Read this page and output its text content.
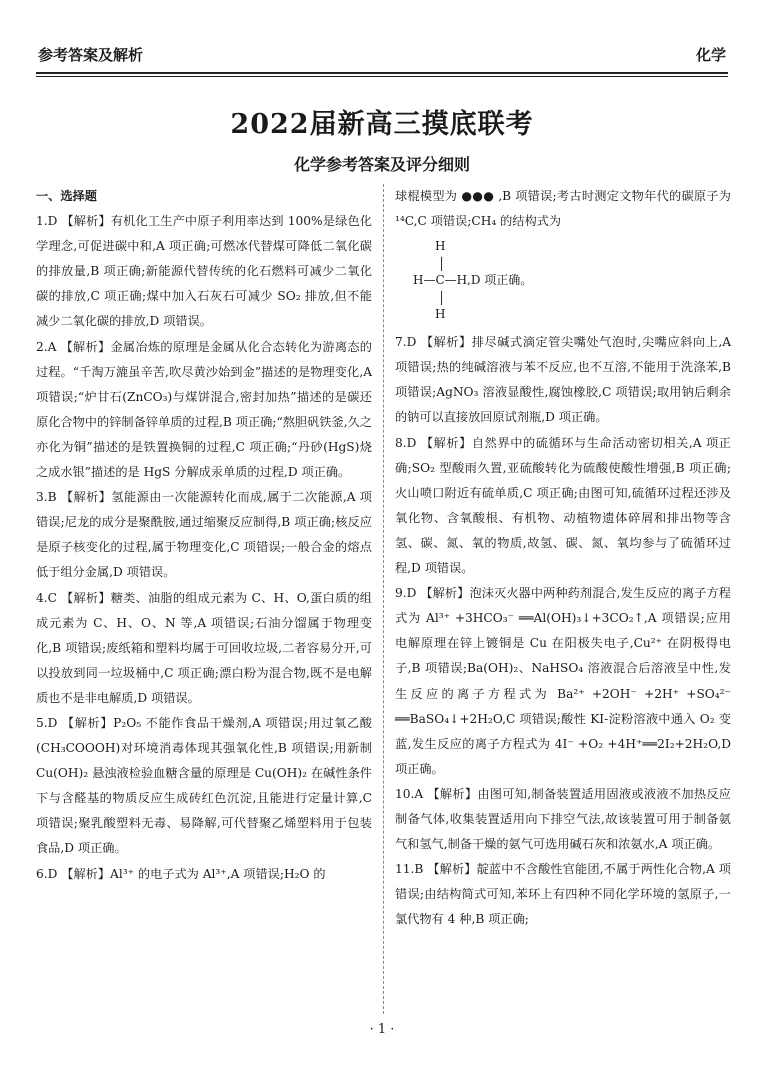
参考答案及解析	化学
2022届新高三摸底联考
化学参考答案及评分细则
一、选择题
1.D 【解析】有机化工生产中原子利用率达到 100%是绿色化学理念,可促进碳中和,A 项正确;可燃冰代替煤可降低二氧化碳的排放量,B 项正确;新能源代替传统的化石燃料可减少二氧化碳的排放,C 项正确;煤中加入石灰石可减少 SO₂ 排放,但不能减少二氧化碳的排放,D 项错误。
2.A 【解析】金属冶炼的原理是金属从化合态转化为游离态的过程。“千淘万漉虽辛苦,吹尽黄沙始到金”描述的是物理变化,A 项错误;“炉甘石(ZnCO₃)与煤饼混合,密封加热”描述的是碳还原化合物中的锌制备锌单质的过程,B 项正确;“熬胆矾铁釜,久之亦化为铜”描述的是铁置换铜的过程,C 项正确;“丹砂(HgS)烧之成水银”描述的是 HgS 分解成汞单质的过程,D 项正确。
3.B 【解析】氢能源由一次能源转化而成,属于二次能源,A 项错误;尼龙的成分是聚酰胺,通过缩聚反应制得,B 项正确;核反应是原子核变化的过程,属于物理变化,C 项错误;一般合金的熔点低于组分金属,D 项错误。
4.C 【解析】糖类、油脂的组成元素为 C、H、O,蛋白质的组成元素为 C、H、O、N 等,A 项错误;石油分馏属于物理变化,B 项错误;废纸箱和塑料均属于可回收垃圾,二者容易分开,可以投放到同一垃圾桶中,C 项正确;漂白粉为混合物,既不是电解质也不是非电解质,D 项错误。
5.D 【解析】P₂O₅ 不能作食品干燥剂,A 项错误;用过氧乙酸(CH₃COOOH)对环境消毒体现其强氧化性,B 项错误;用新制 Cu(OH)₂ 悬浊液检验血糖含量的原理是 Cu(OH)₂ 在碱性条件下与含醛基的物质反应生成砖红色沉淀,且能进行定量计算,C 项错误;聚乳酸塑料无毒、易降解,可代替聚乙烯塑料用于包装食品,D 项正确。
6.D 【解析】Al³⁺ 的电子式为 Al³⁺,A 项错误;H₂O 的
球棍模型为 ●●● ,B 项错误;考古时测定文物年代的碳原子为¹⁴C,C 项错误;CH₄ 的结构式为
H
│
H—C—H ,D 项正确。
│
H
7.D 【解析】排尽碱式滴定管尖嘴处气泡时,尖嘴应斜向上,A 项错误;热的纯碱溶液与苯不反应,也不互溶,不能用于洗涤苯,B 项错误;AgNO₃ 溶液显酸性,腐蚀橡胶,C 项错误;取用钠后剩余的钠可以直接放回原试剂瓶,D 项正确。
8.D 【解析】自然界中的硫循环与生命活动密切相关,A 项正确;SO₂ 型酸雨久置,亚硫酸转化为硫酸使酸性增强,B 项正确;火山喷口附近有硫单质,C 项正确;由图可知,硫循环过程还涉及氧化物、含氧酸根、有机物、动植物遗体碎屑和排出物等含氢、碳、氮、氧的物质,故氢、碳、氮、氧均参与了硫循环过程,D 项错误。
9.D 【解析】泡沫灭火器中两种药剂混合,发生反应的离子方程式为 Al³⁺ +3HCO₃⁻ ══Al(OH)₃↓+3CO₂↑,A 项错误;应用电解原理在锌上镀铜是 Cu 在阳极失电子,Cu²⁺ 在阴极得电子,B 项错误;Ba(OH)₂、NaHSO₄ 溶液混合后溶液呈中性,发生反应的离子方程式为 Ba²⁺ +2OH⁻ +2H⁺ +SO₄²⁻ ══BaSO₄↓+2H₂O,C 项错误;酸性 KI-淀粉溶液中通入 O₂ 变蓝,发生反应的离子方程式为 4I⁻ +O₂ +4H⁺══2I₂+2H₂O,D 项正确。
10.A 【解析】由图可知,制备装置适用固液或液液不加热反应制备气体,收集装置适用向下排空气法,故该装置可用于制备氨气和氢气,制备干燥的氨气可选用碱石灰和浓氨水,A 项正确。
11.B 【解析】靛蓝中不含酸性官能团,不属于两性化合物,A 项错误;由结构简式可知,苯环上有四种不同化学环境的氢原子,一氯代物有 4 种,B 项正确;
· 1 ·
